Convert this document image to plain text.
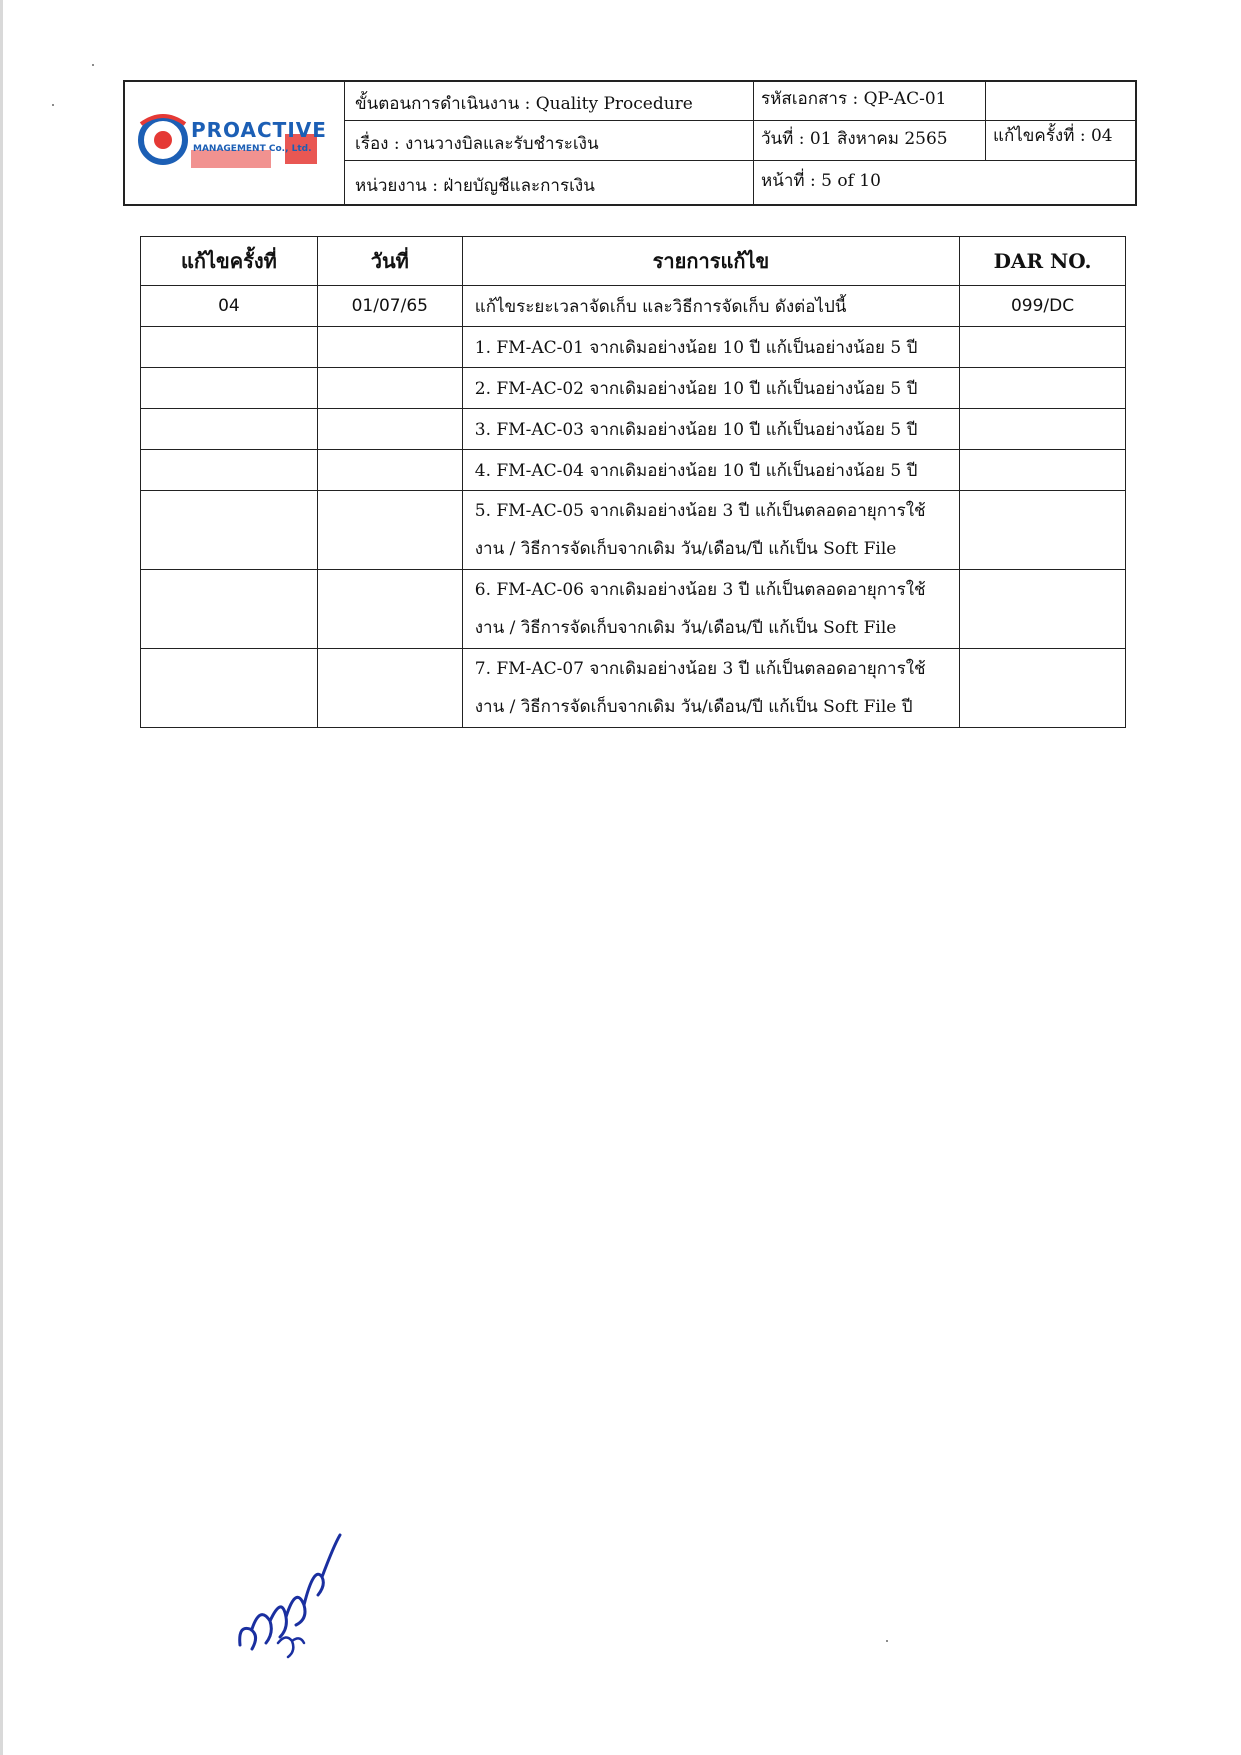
PROACTIVE
MANAGEMENT Co., Ltd.
ขั้นตอนการดำเนินงาน : Quality Procedure
เรื่อง : งานวางบิลและรับชำระเงิน
หน่วยงาน : ฝ่ายบัญชีและการเงิน
รหัสเอกสาร : QP-AC-01
วันที่ : 01 สิงหาคม 2565	แก้ไขครั้งที่ : 04
หน้าที่ : 5 of 10
แก้ไขครั้งที่	วันที่	รายการแก้ไข	DAR NO.
04	01/07/65	แก้ไขระยะเวลาจัดเก็บ และวิธีการจัดเก็บ ดังต่อไปนี้	099/DC
		1. FM-AC-01 จากเดิมอย่างน้อย 10 ปี แก้เป็นอย่างน้อย 5 ปี	
		2. FM-AC-02 จากเดิมอย่างน้อย 10 ปี แก้เป็นอย่างน้อย 5 ปี	
		3. FM-AC-03 จากเดิมอย่างน้อย 10 ปี แก้เป็นอย่างน้อย 5 ปี	
		4. FM-AC-04 จากเดิมอย่างน้อย 10 ปี แก้เป็นอย่างน้อย 5 ปี	

		5. FM-AC-05 จากเดิมอย่างน้อย 3 ปี แก้เป็นตลอดอายุการใช้
งาน / วิธีการจัดเก็บจากเดิม วัน/เดือน/ปี แก้เป็น Soft File	

		6. FM-AC-06 จากเดิมอย่างน้อย 3 ปี แก้เป็นตลอดอายุการใช้
งาน / วิธีการจัดเก็บจากเดิม วัน/เดือน/ปี แก้เป็น Soft File	

		7. FM-AC-07 จากเดิมอย่างน้อย 3 ปี แก้เป็นตลอดอายุการใช้
งาน / วิธีการจัดเก็บจากเดิม วัน/เดือน/ปี แก้เป็น Soft File ปี	
